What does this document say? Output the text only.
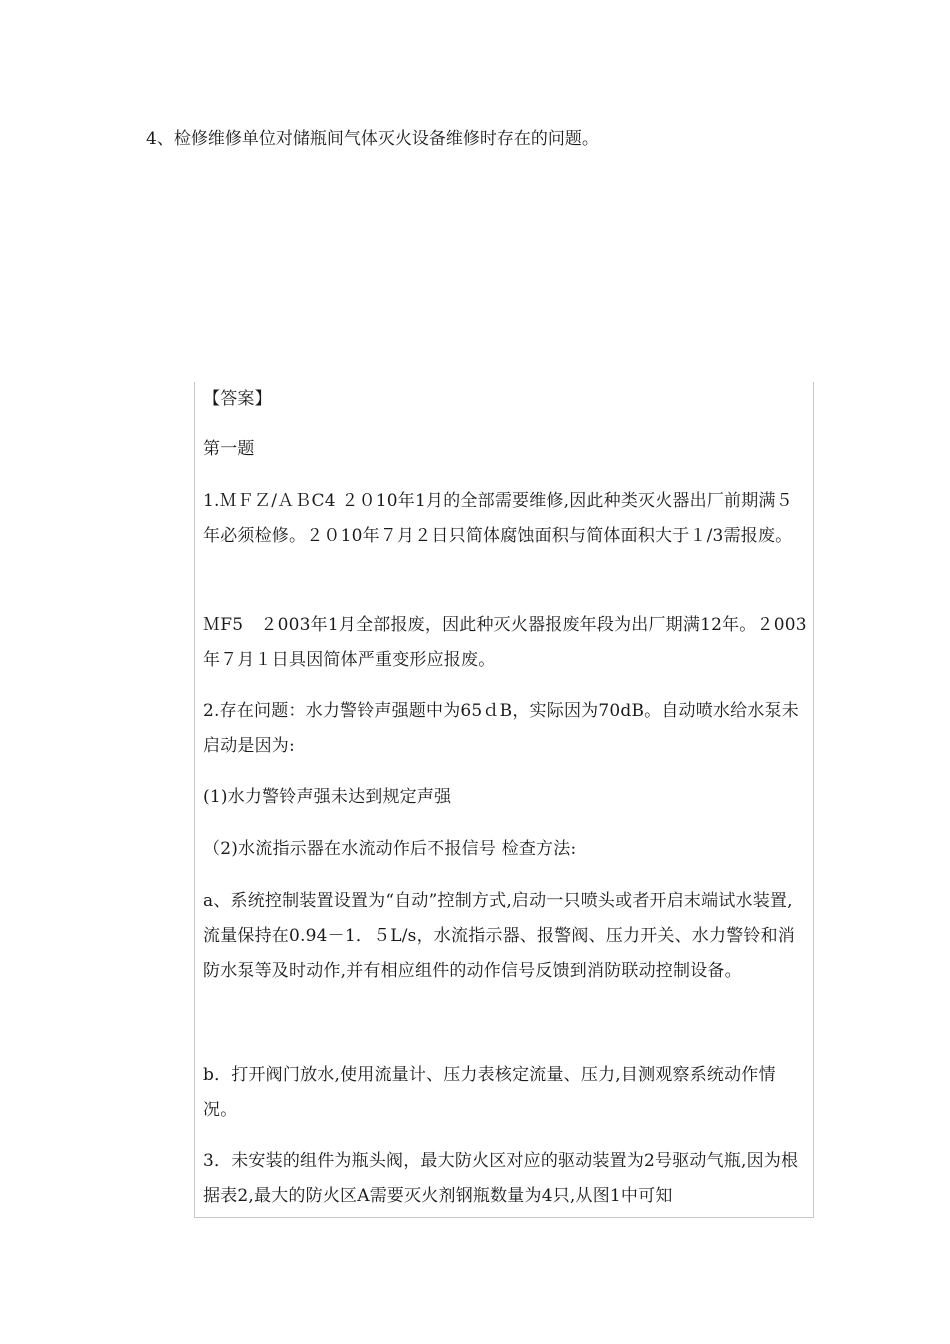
4、检修维修单位对储瓶间气体灭火设备维修时存在的问题。

【答案】

第一题

1.ＭＦＺ/ＡＢC4 ２０10年1月的全部需要维修,因此种类灭火器出厂前期满５年必须检修。２０10年７月２日只简体腐蚀面积与简体面积大于１/3需报废。

ＭF5　２003年1月全部报废，因此种灭火器报废年段为出厂期满12年。２003年７月１日具因简体严重变形应报废。

2.存在问题：水力警铃声强题中为65ｄB，实际因为70dB。自动喷水给水泵未启动是因为:

(1)水力警铃声强未达到规定声强

（2)水流指示器在水流动作后不报信号 检查方法:

a、系统控制装置设置为“自动”控制方式,启动一只喷头或者开启末端试水装置,流量保持在0.94－1．５L/s，水流指示器、报警阀、压力开关、水力警铃和消防水泵等及时动作,并有相应组件的动作信号反馈到消防联动控制设备。

b．打开阀门放水,使用流量计、压力表核定流量、压力,目测观察系统动作情况。

3．未安装的组件为瓶头阀，最大防火区对应的驱动装置为2号驱动气瓶,因为根据表2,最大的防火区A需要灭火剂钢瓶数量为4只,从图1中可知
